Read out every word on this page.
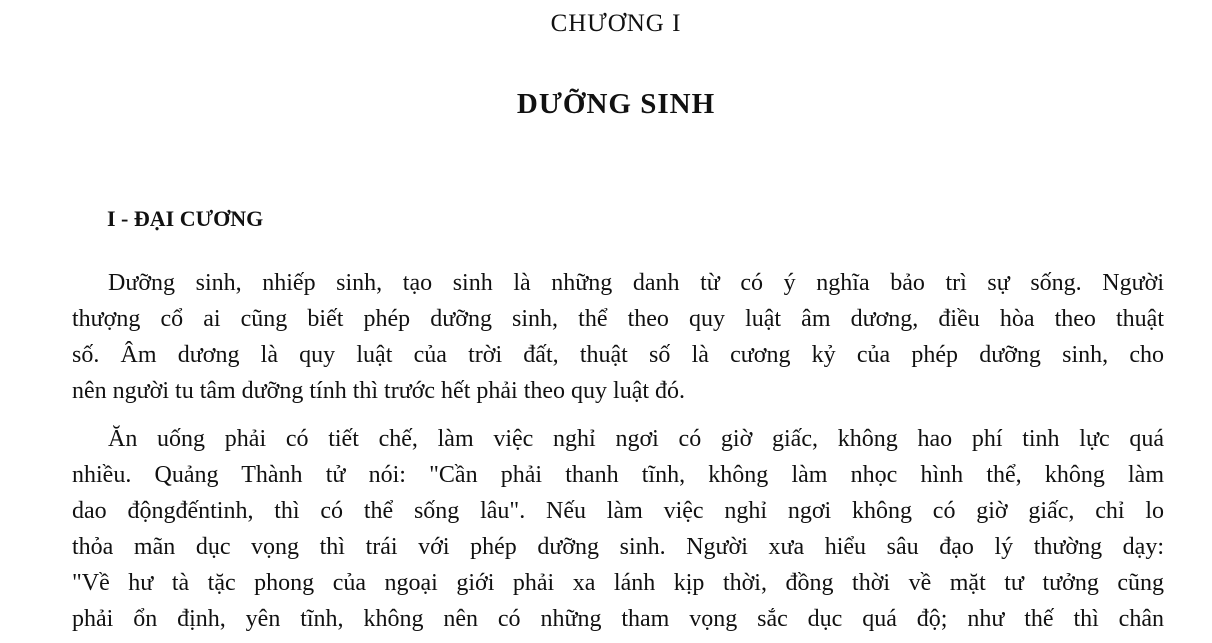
CHƯƠNG I
DƯỠNG SINH
I - ĐẠI CƯƠNG

Dưỡng sinh, nhiếp sinh, tạo sinh là những danh từ có ý nghĩa bảo trì sự sống. Người
thượng cổ ai cũng biết phép dưỡng sinh, thể theo quy luật âm dương, điều hòa theo thuật
số. Âm dương là quy luật của trời đất, thuật số là cương kỷ của phép dưỡng sinh, cho
nên người tu tâm dưỡng tính thì trước hết phải theo quy luật đó.

Ăn uống phải có tiết chế, làm việc nghỉ ngơi có giờ giấc, không hao phí tinh lực quá
nhiều. Quảng Thành tử nói: "Cần phải thanh tĩnh, không làm nhọc hình thể, không làm
dao độngđếntinh, thì có thể sống lâu". Nếu làm việc nghỉ ngơi không có giờ giấc, chỉ lo
thỏa mãn dục vọng thì trái với phép dưỡng sinh. Người xưa hiểu sâu đạo lý thường dạy:
"Về hư tà tặc phong của ngoại giới phải xa lánh kịp thời, đồng thời về mặt tư tưởng cũng
phải ổn định, yên tĩnh, không nên có những tham vọng sắc dục quá độ; như thế thì chân
